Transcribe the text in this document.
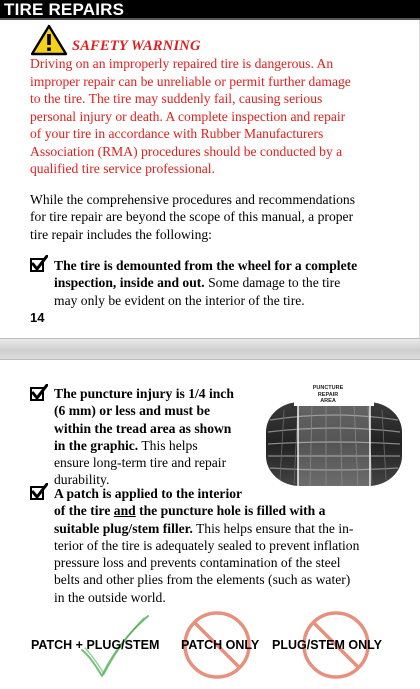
TIRE REPAIRS
SAFETY WARNING
Driving on an improperly repaired tire is dangerous. An
improper repair can be unreliable or permit further damage
to the tire. The tire may suddenly fail, causing serious
personal injury or death. A complete inspection and repair
of your tire in accordance with Rubber Manufacturers
Association (RMA) procedures should be conducted by a
qualified tire service professional.
While the comprehensive procedures and recommendations
for tire repair are beyond the scope of this manual, a proper
tire repair includes the following:
The tire is demounted from the wheel for a complete
inspection, inside and out. Some damage to the tire
may only be evident on the interior of the tire.
14
The puncture injury is 1/4 inch
(6 mm) or less and must be
within the tread area as shown
in the graphic. This helps
ensure long-term tire and repair
durability.
PUNCTURE
REPAIR
AREA
A patch is applied to the interior
of the tire and the puncture hole is filled with a
suitable plug/stem filler. This helps ensure that the in-
terior of the tire is adequately sealed to prevent inflation
pressure loss and prevents contamination of the steel
belts and other plies from the elements (such as water)
in the outside world.
PATCH + PLUG/STEM PATCH ONLY PLUG/STEM ONLY
